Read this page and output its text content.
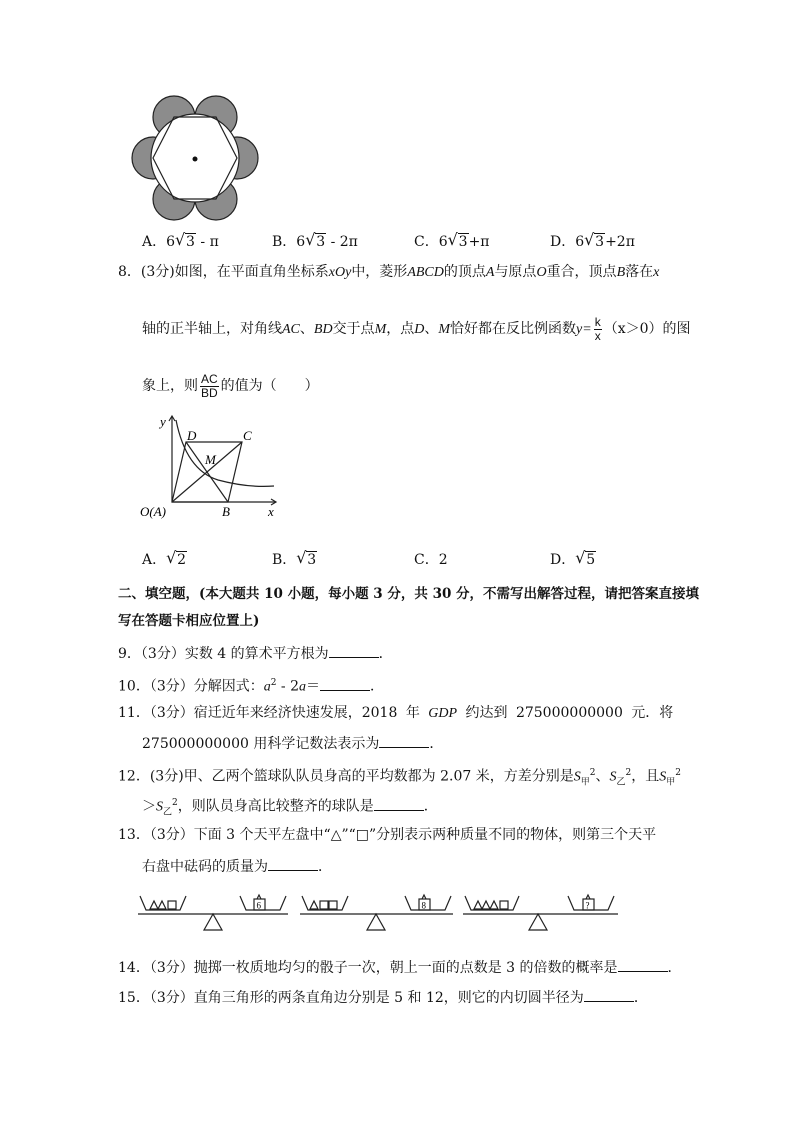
A．6 √ 3 - π	B．6 √ 3 - 2π	C．6 √ 3+π	D．6 √ 3+2π
8．(3分)如图，在平面直角坐标系xOy中，菱形ABCD的顶点A与原点O重合，顶点B落在x
轴的正半轴上，对角线AC、BD交于点M，点D、M恰好都在反比例函数$y= \frac{k}{x} (x>0)$的图
象上，则 $\frac{AC}{BD}$ 的值为（　　）
y
D	C
M
O(A)	B	x
A． √ 2	B． √ 3	C．2	D． √ 5
二、填空题，(本大题共 10 小题，每小题 3 分，共 30 分，不需写出解答过程，请把答案直接填
写在答题卡相应位置上)
9．（3分）实数 4 的算术平方根为	．
10．（3分）分解因式：$a^2 - 2a=$	．
11．（3分）宿迁近年来经济快速发展，2018 年 GDP 约达到 275000000000 元．将
275000000000 用科学记数法表示为	．
12．(3分)甲、乙两个篮球队队员身高的平均数都为 2.07 米，方差分别是$S_甲^2$、$S_乙^2$，且$S_甲^2$
$>S_乙^2$，则队员身高比较整齐的球队是	．
13．（3分）下面 3 个天平左盘中“△”“□”分别表示两种质量不同的物体，则第三个天平
右盘中砝码的质量为	．
6	8	?
14．（3分）抛掷一枚质地均匀的骰子一次，朝上一面的点数是 3 的倍数的概率是	．
15．（3分）直角三角形的两条直角边分别是 5 和 12，则它的内切圆半径为	．
